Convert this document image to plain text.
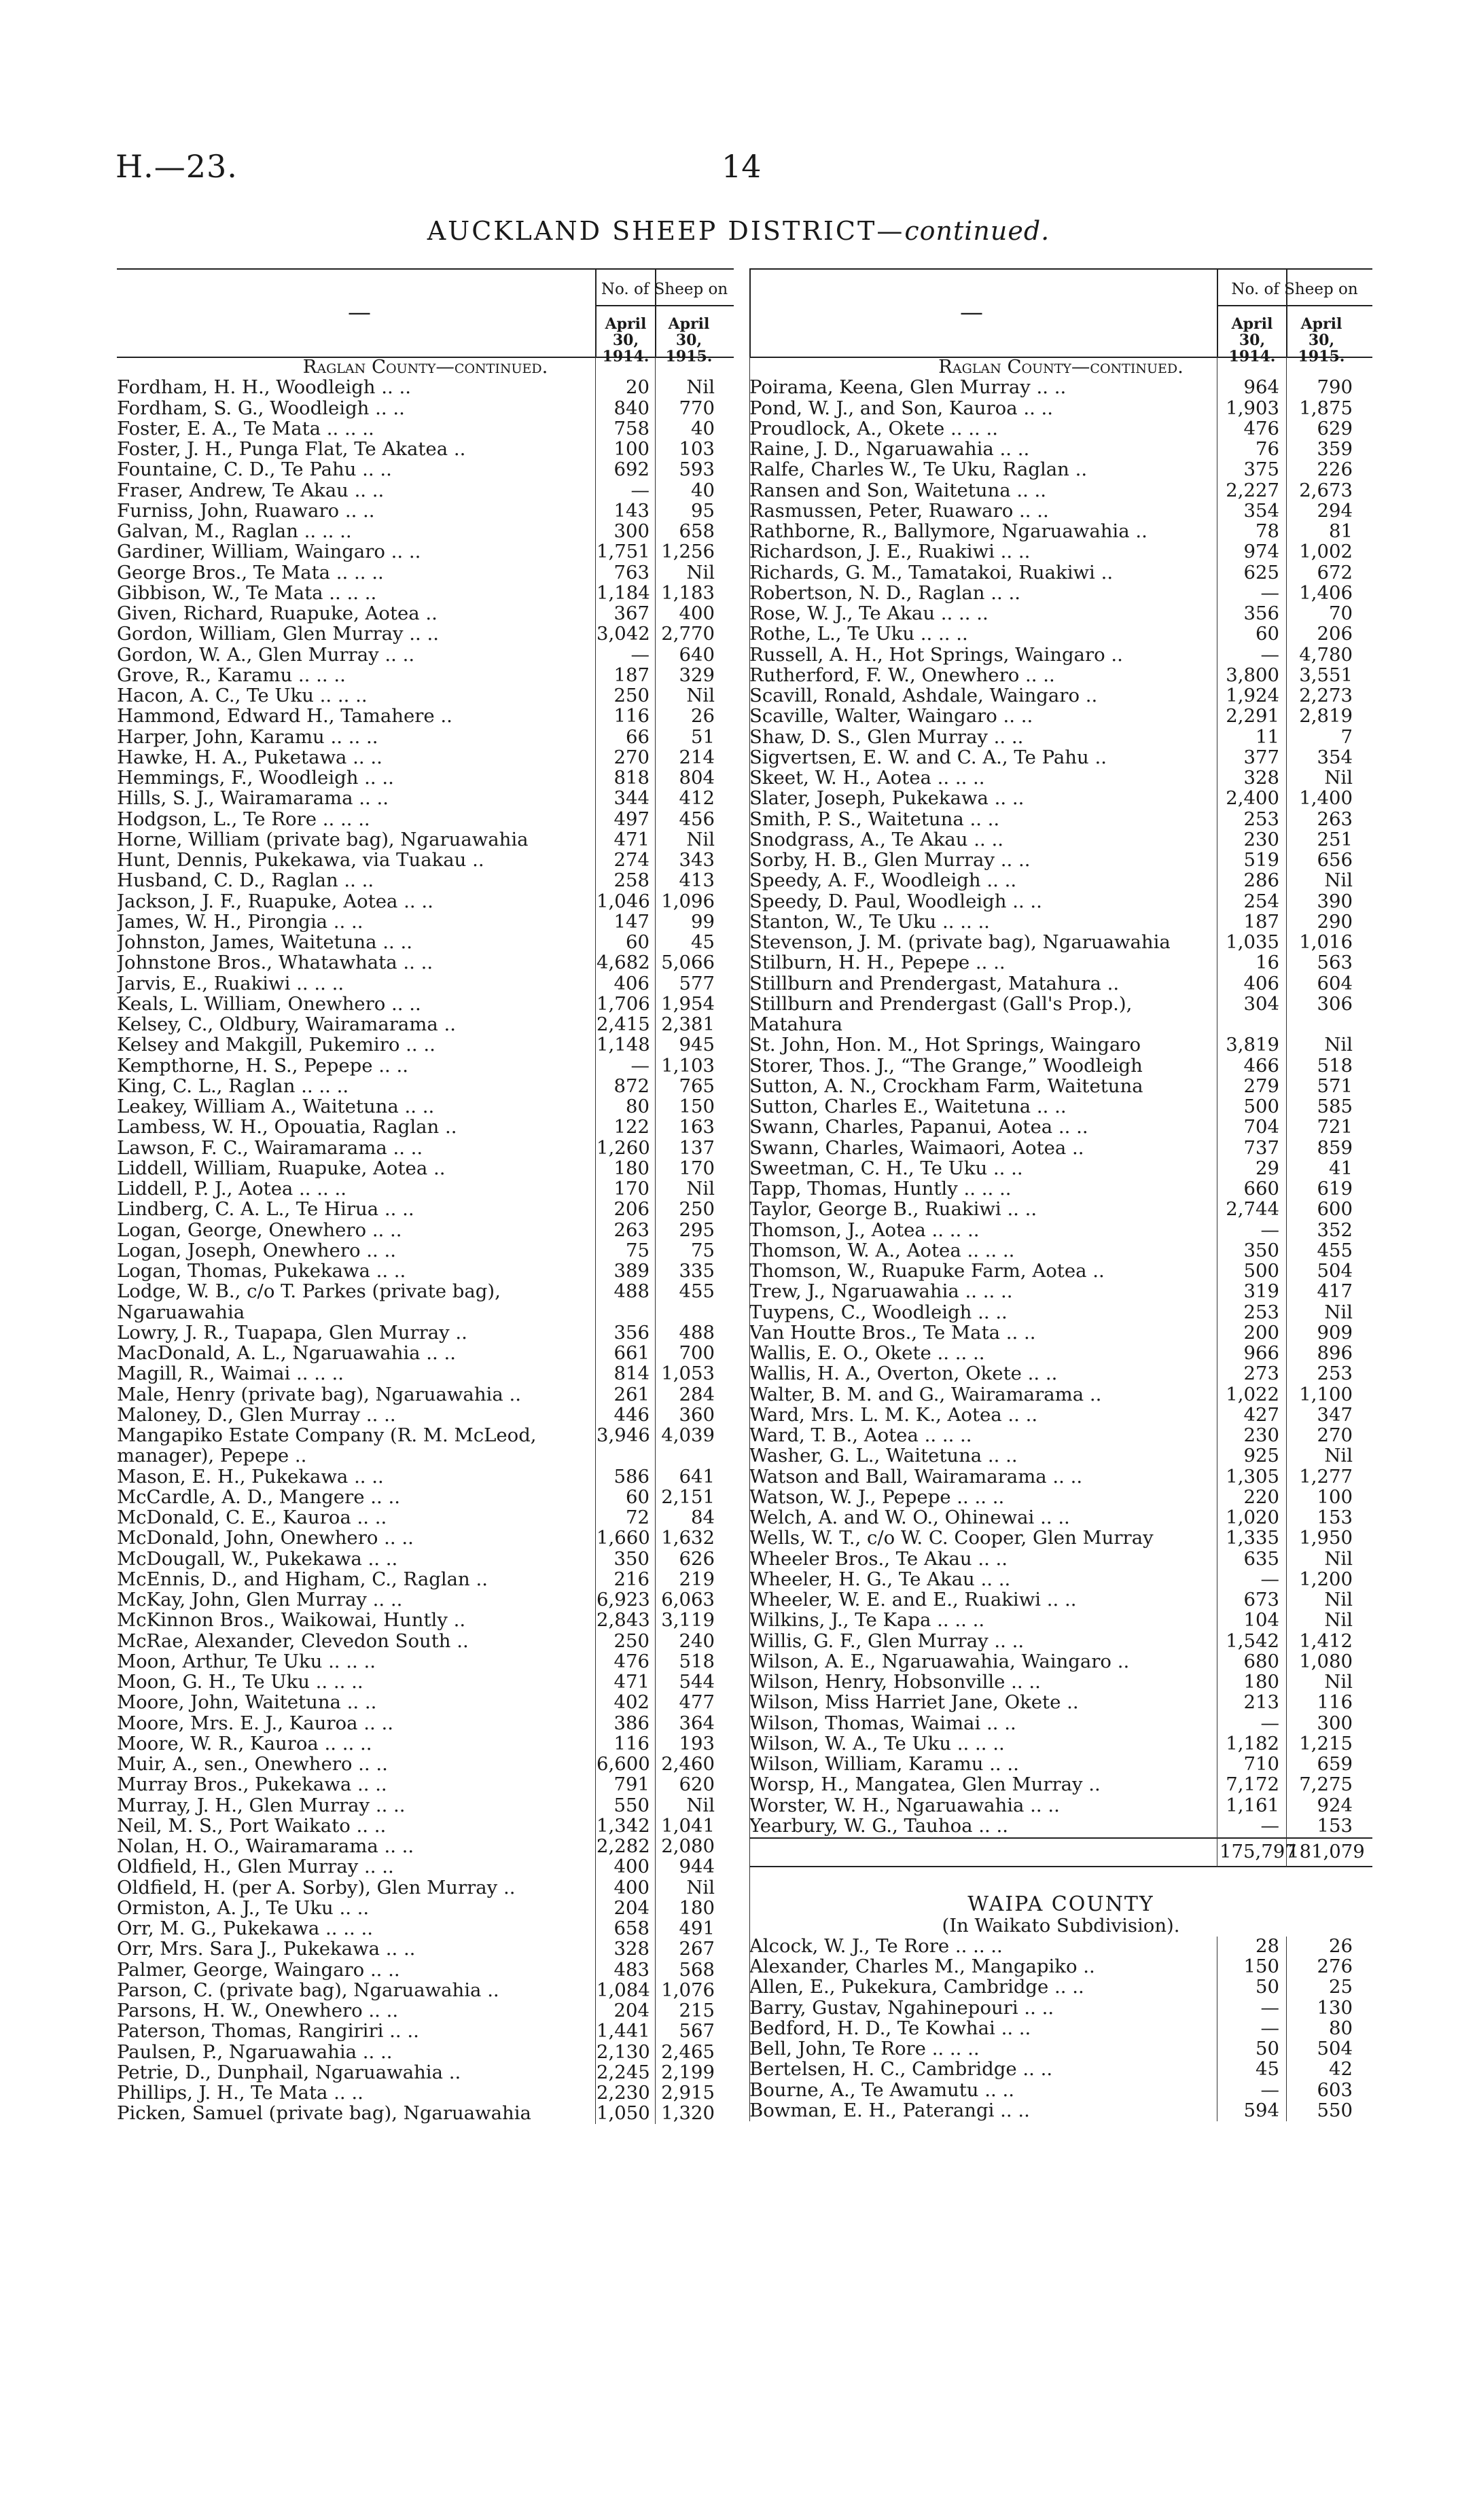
H.—23.	14
AUCKLAND SHEEP DISTRICT—continued.
—
No. of Sheep on
April 30, 1914.
April 30, 1915.
Raglan County—continued.
Fordham, H. H., Woodleigh .. ..	20	Nil
Fordham, S. G., Woodleigh .. ..	840	770
Foster, E. A., Te Mata .. .. ..	758	40
Foster, J. H., Punga Flat, Te Akatea ..	100	103
Fountaine, C. D., Te Pahu .. ..	692	593
Fraser, Andrew, Te Akau .. ..	—	40
Furniss, John, Ruawaro .. ..	143	95
Galvan, M., Raglan .. .. ..	300	658
Gardiner, William, Waingaro .. ..	1,751 1,256
George Bros., Te Mata .. .. ..	763	Nil
Gibbison, W., Te Mata .. .. ..	1,184 1,183
Given, Richard, Ruapuke, Aotea ..	367	400
Gordon, William, Glen Murray .. ..	3,042 2,770
Gordon, W. A., Glen Murray .. ..	—	640
Grove, R., Karamu .. .. ..	187	329
Hacon, A. C., Te Uku .. .. ..	250	Nil
Hammond, Edward H., Tamahere ..	116	26
Harper, John, Karamu .. .. ..	66	51
Hawke, H. A., Puketawa .. ..	270	214
Hemmings, F., Woodleigh .. ..	818	804
Hills, S. J., Wairamarama .. ..	344	412
Hodgson, L., Te Rore .. .. ..	497	456
Horne, William (private bag), Ngaruawahia	471	Nil
Hunt, Dennis, Pukekawa, via Tuakau ..	274	343
Husband, C. D., Raglan .. ..	258	413
Jackson, J. F., Ruapuke, Aotea .. ..	1,046 1,096
James, W. H., Pirongia .. ..	147	99
Johnston, James, Waitetuna .. ..	60	45
Johnstone Bros., Whatawhata .. ..	4,682 5,066
Jarvis, E., Ruakiwi .. .. ..	406	577
Keals, L. William, Onewhero .. ..	1,706 1,954
Kelsey, C., Oldbury, Wairamarama ..	2,415 2,381
Kelsey and Makgill, Pukemiro .. ..	1,148	945
Kempthorne, H. S., Pepepe .. ..	— 1,103
King, C. L., Raglan .. .. ..	872	765
Leakey, William A., Waitetuna .. ..	80	150
Lambess, W. H., Opouatia, Raglan ..	122	163
Lawson, F. C., Wairamarama .. ..	1,260	137
Liddell, William, Ruapuke, Aotea ..	180	170
Liddell, P. J., Aotea .. .. ..	170	Nil
Lindberg, C. A. L., Te Hirua .. ..	206	250
Logan, George, Onewhero .. ..	263	295
Logan, Joseph, Onewhero .. ..	75	75
Logan, Thomas, Pukekawa .. ..	389	335
Lodge, W. B., c/o T. Parkes (private bag),	488	455
Ngaruawahia
Lowry, J. R., Tuapapa, Glen Murray ..	356	488
MacDonald, A. L., Ngaruawahia .. ..	661	700
Magill, R., Waimai .. .. ..	814 1,053
Male, Henry (private bag), Ngaruawahia ..	261	284
Maloney, D., Glen Murray .. ..	446	360
Mangapiko Estate Company (R. M. McLeod,	3,946 4,039
manager), Pepepe ..
Mason, E. H., Pukekawa .. ..	586	641
McCardle, A. D., Mangere .. ..	60 2,151
McDonald, C. E., Kauroa .. ..	72	84
McDonald, John, Onewhero .. ..	1,660 1,632
McDougall, W., Pukekawa .. ..	350	626
McEnnis, D., and Higham, C., Raglan ..	216	219
McKay, John, Glen Murray .. ..	6,923 6,063
McKinnon Bros., Waikowai, Huntly ..	2,843 3,119
McRae, Alexander, Clevedon South ..	250	240
Moon, Arthur, Te Uku .. .. ..	476	518
Moon, G. H., Te Uku .. .. ..	471	544
Moore, John, Waitetuna .. ..	402	477
Moore, Mrs. E. J., Kauroa .. ..	386	364
Moore, W. R., Kauroa .. .. ..	116	193
Muir, A., sen., Onewhero .. ..	6,600 2,460
Murray Bros., Pukekawa .. ..	791	620
Murray, J. H., Glen Murray .. ..	550	Nil
Neil, M. S., Port Waikato .. ..	1,342 1,041
Nolan, H. O., Wairamarama .. ..	2,282 2,080
Oldfield, H., Glen Murray .. ..	400	944
Oldfield, H. (per A. Sorby), Glen Murray ..	400	Nil
Ormiston, A. J., Te Uku .. ..	204	180
Orr, M. G., Pukekawa .. .. ..	658	491
Orr, Mrs. Sara J., Pukekawa .. ..	328	267
Palmer, George, Waingaro .. ..	483	568
Parson, C. (private bag), Ngaruawahia ..	1,084 1,076
Parsons, H. W., Onewhero .. ..	204	215
Paterson, Thomas, Rangiriri .. ..	1,441	567
Paulsen, P., Ngaruawahia .. ..	2,130 2,465
Petrie, D., Dunphail, Ngaruawahia ..	2,245 2,199
Phillips, J. H., Te Mata .. ..	2,230 2,915
Picken, Samuel (private bag), Ngaruawahia	1,050 1,320
—
No. of Sheep on
April 30, 1914.
April 30, 1915.
Raglan County—continued.
Poirama, Keena, Glen Murray .. ..	964	790
Pond, W. J., and Son, Kauroa .. ..	1,903	1,875
Proudlock, A., Okete .. .. ..	476	629
Raine, J. D., Ngaruawahia .. ..	76	359
Ralfe, Charles W., Te Uku, Raglan ..	375	226
Ransen and Son, Waitetuna .. ..	2,227	2,673
Rasmussen, Peter, Ruawaro .. ..	354	294
Rathborne, R., Ballymore, Ngaruawahia ..	78	81
Richardson, J. E., Ruakiwi .. ..	974	1,002
Richards, G. M., Tamatakoi, Ruakiwi ..	625	672
Robertson, N. D., Raglan .. ..	—	1,406
Rose, W. J., Te Akau .. .. ..	356	70
Rothe, L., Te Uku .. .. ..	60	206
Russell, A. H., Hot Springs, Waingaro ..	—	4,780
Rutherford, F. W., Onewhero .. ..	3,800	3,551
Scavill, Ronald, Ashdale, Waingaro ..	1,924	2,273
Scaville, Walter, Waingaro .. ..	2,291	2,819
Shaw, D. S., Glen Murray .. ..	11	7
Sigvertsen, E. W. and C. A., Te Pahu ..	377	354
Skeet, W. H., Aotea .. .. ..	328	Nil
Slater, Joseph, Pukekawa .. ..	2,400	1,400
Smith, P. S., Waitetuna .. ..	253	263
Snodgrass, A., Te Akau .. ..	230	251
Sorby, H. B., Glen Murray .. ..	519	656
Speedy, A. F., Woodleigh .. ..	286	Nil
Speedy, D. Paul, Woodleigh .. ..	254	390
Stanton, W., Te Uku .. .. ..	187	290
Stevenson, J. M. (private bag), Ngaruawahia	1,035	1,016
Stilburn, H. H., Pepepe .. ..	16	563
Stillburn and Prendergast, Matahura ..	406	604
Stillburn and Prendergast (Gall's Prop.),	304	306
Matahura
St. John, Hon. M., Hot Springs, Waingaro	3,819	Nil
Storer, Thos. J., “The Grange,” Woodleigh	466	518
Sutton, A. N., Crockham Farm, Waitetuna	279	571
Sutton, Charles E., Waitetuna .. ..	500	585
Swann, Charles, Papanui, Aotea .. ..	704	721
Swann, Charles, Waimaori, Aotea ..	737	859
Sweetman, C. H., Te Uku .. ..	29	41
Tapp, Thomas, Huntly .. .. ..	660	619
Taylor, George B., Ruakiwi .. ..	2,744	600
Thomson, J., Aotea .. .. ..	—	352
Thomson, W. A., Aotea .. .. ..	350	455
Thomson, W., Ruapuke Farm, Aotea ..	500	504
Trew, J., Ngaruawahia .. .. ..	319	417
Tuypens, C., Woodleigh .. ..	253	Nil
Van Houtte Bros., Te Mata .. ..	200	909
Wallis, E. O., Okete .. .. ..	966	896
Wallis, H. A., Overton, Okete .. ..	273	253
Walter, B. M. and G., Wairamarama ..	1,022	1,100
Ward, Mrs. L. M. K., Aotea .. ..	427	347
Ward, T. B., Aotea .. .. ..	230	270
Washer, G. L., Waitetuna .. ..	925	Nil
Watson and Ball, Wairamarama .. ..	1,305	1,277
Watson, W. J., Pepepe .. .. ..	220	100
Welch, A. and W. O., Ohinewai .. ..	1,020	153
Wells, W. T., c/o W. C. Cooper, Glen Murray	1,335	1,950
Wheeler Bros., Te Akau .. ..	635	Nil
Wheeler, H. G., Te Akau .. ..	—	1,200
Wheeler, W. E. and E., Ruakiwi .. ..	673	Nil
Wilkins, J., Te Kapa .. .. ..	104	Nil
Willis, G. F., Glen Murray .. ..	1,542	1,412
Wilson, A. E., Ngaruawahia, Waingaro ..	680	1,080
Wilson, Henry, Hobsonville .. ..	180	Nil
Wilson, Miss Harriet Jane, Okete ..	213	116
Wilson, Thomas, Waimai .. ..	—	300
Wilson, W. A., Te Uku .. .. ..	1,182	1,215
Wilson, William, Karamu .. ..	710	659
Worsp, H., Mangatea, Glen Murray ..	7,172	7,275
Worster, W. H., Ngaruawahia .. ..	1,161	924
Yearbury, W. G., Tauhoa .. ..	—	153
175,797
181,079
WAIPA COUNTY
(In Waikato Subdivision).
Alcock, W. J., Te Rore .. .. ..	28	26
Alexander, Charles M., Mangapiko ..	150	276
Allen, E., Pukekura, Cambridge .. ..	50	25
Barry, Gustav, Ngahinepouri .. ..	—	130
Bedford, H. D., Te Kowhai .. ..	—	80
Bell, John, Te Rore .. .. ..	50	504
Bertelsen, H. C., Cambridge .. ..	45	42
Bourne, A., Te Awamutu .. ..	—	603
Bowman, E. H., Paterangi .. ..	594	550
